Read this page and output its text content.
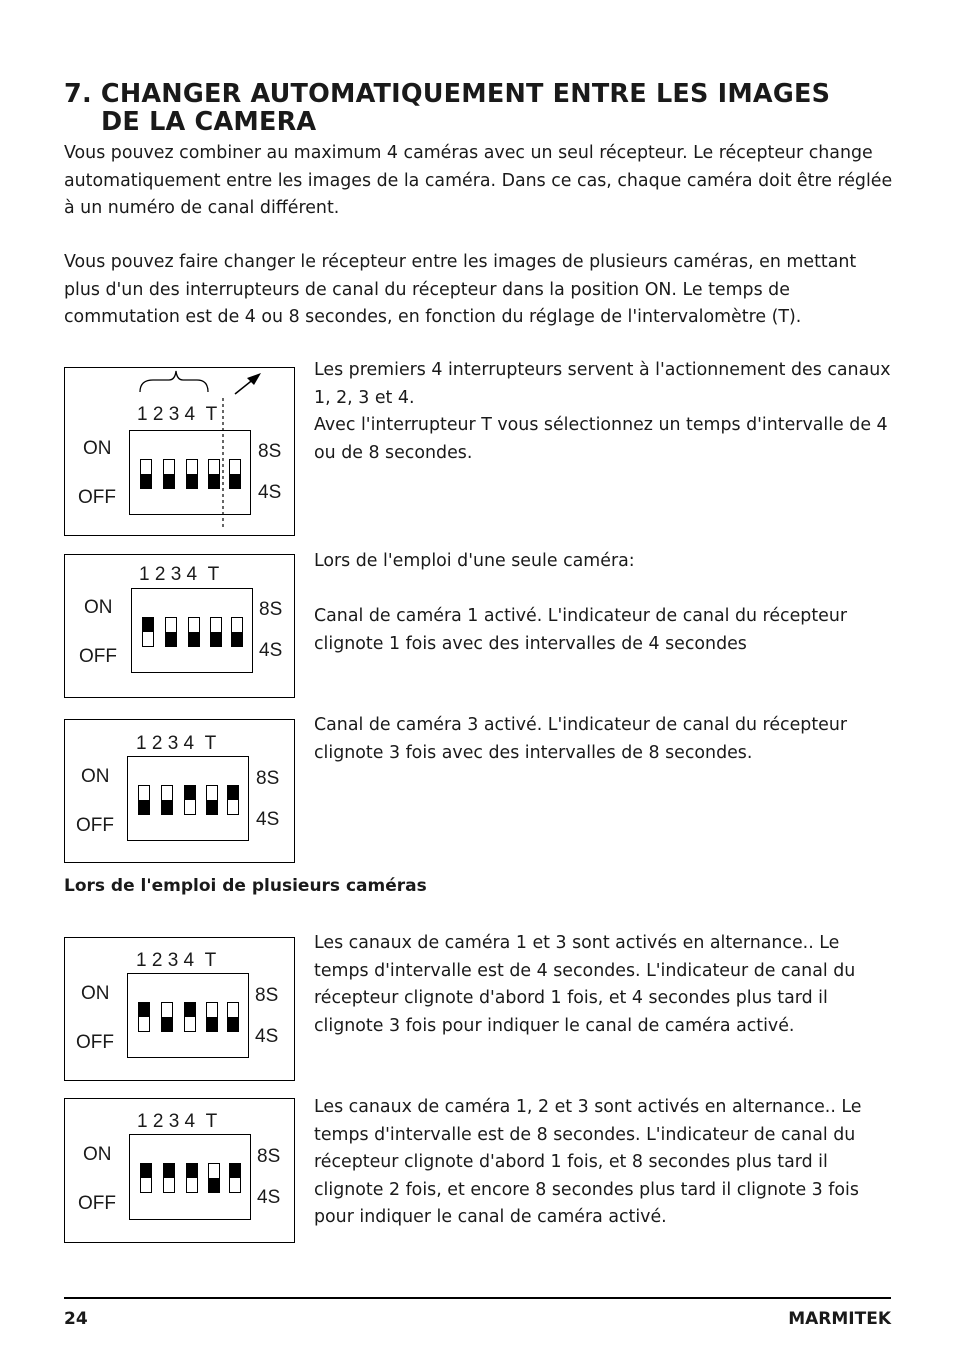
7. CHANGER AUTOMATIQUEMENT ENTRE LES IMAGES
DE LA CAMERA

Vous pouvez combiner au maximum 4 caméras avec un seul récepteur. Le récepteur change automatiquement entre les images de la caméra. Dans ce cas, chaque caméra doit être réglée à un numéro de canal différent.

Vous pouvez faire changer le récepteur entre les images de plusieurs caméras, en mettant plus d'un des interrupteurs de canal du récepteur dans la position ON. Le temps de commutation est de 4 ou 8 secondes, en fonction du réglage de l'intervalomètre (T).

1 2 3 4 T
ON
OFF
8S
4S

Les premiers 4 interrupteurs servent à l'actionnement des canaux 1, 2, 3 et 4.
Avec l'interrupteur T vous sélectionnez un temps d'intervalle de 4 ou de 8 secondes.

1 2 3 4 T
ON
OFF
8S
4S

Lors de l'emploi d'une seule caméra:

Canal de caméra 1 activé. L'indicateur de canal du récepteur clignote 1 fois avec des intervalles de 4 secondes

1 2 3 4 T
ON
OFF
8S
4S

Canal de caméra 3 activé. L'indicateur de canal du récepteur clignote 3 fois avec des intervalles de 8 secondes.

Lors de l'emploi de plusieurs caméras
1 2 3 4 T
ON
OFF
8S
4S

Les canaux de caméra 1 et 3 sont activés en alternance.. Le temps d'intervalle est de 4 secondes. L'indicateur de canal du récepteur clignote d'abord 1 fois, et 4 secondes plus tard il clignote 3 fois pour indiquer le canal de caméra activé.

1 2 3 4 T
ON
OFF
8S
4S

Les canaux de caméra 1, 2 et 3 sont activés en alternance.. Le temps d'intervalle est de 8 secondes. L'indicateur de canal du récepteur clignote d'abord 1 fois, et 8 secondes plus tard il clignote 2 fois, et encore 8 secondes plus tard il clignote 3 fois pour indiquer le canal de caméra activé.

24	MARMITEK
